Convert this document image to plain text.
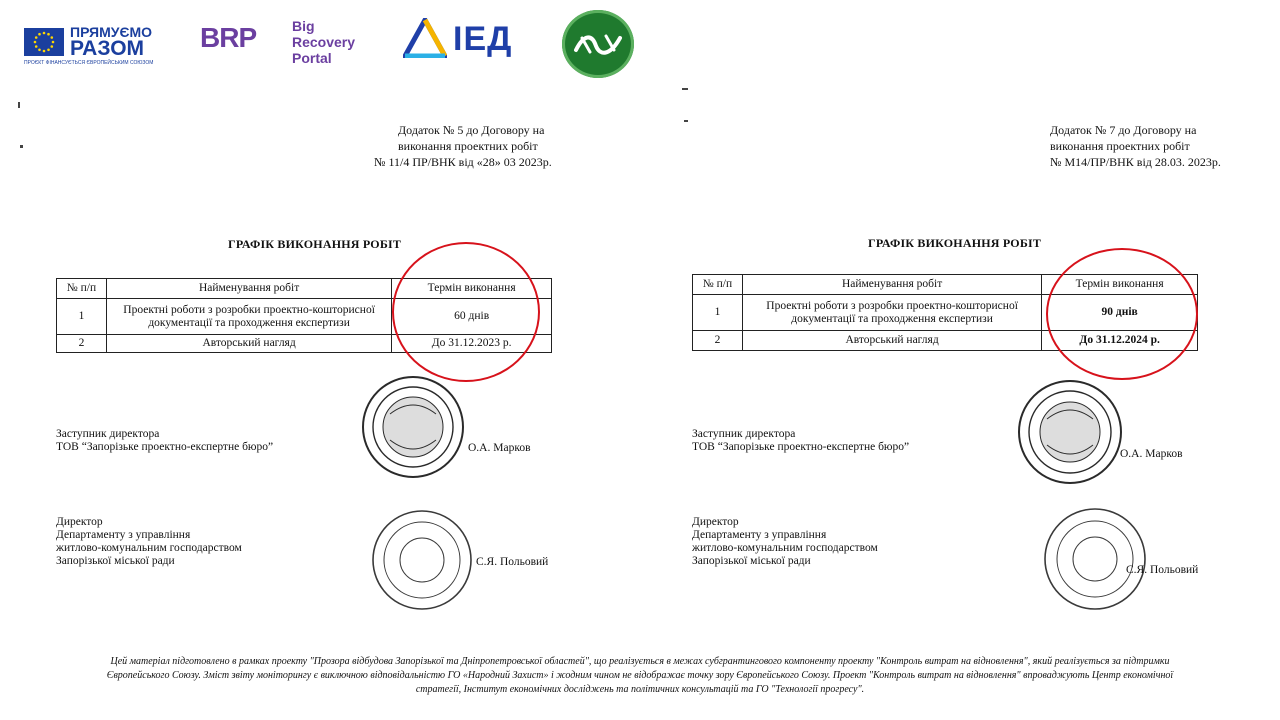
ПРЯМУЄМО
РАЗОМ
ПРОЄКТ ФІНАНСУЄТЬСЯ ЄВРОПЕЙСЬКИМ СОЮЗОМ
BRP	Big
Recovery
Portal	ІЕД
Додаток № 5 до Договору на
виконання проектних робіт
№ 11/4 ПР/ВНК від «28» 03 2023р.
ГРАФІК ВИКОНАННЯ РОБІТ
№ п/п	Найменування робіт	Термін виконання
1	Проектні роботи з розробки проектно-кошторисної документації та проходження експертизи	60 днів
2	Авторський нагляд	До 31.12.2023 р.
Заступник директора
ТОВ “Запорізьке проектно-експертне бюро”	О.А. Марков
Директор
Департаменту з управління
житлово-комунальним господарством
Запорізької міської ради	С.Я. Польовий
Додаток № 7 до Договору на
виконання проектних робіт
№ М14/ПР/ВНК від 28.03. 2023р.
ГРАФІК ВИКОНАННЯ РОБІТ
№ п/п	Найменування робіт	Термін виконання
1	Проектні роботи з розробки проектно-кошторисної документації та проходження експертизи	90 днів
2	Авторський нагляд	До 31.12.2024 р.
Заступник директора
ТОВ “Запорізьке проектно-експертне бюро”
О.А. Марков
Директор
Департаменту з управління
житлово-комунальним господарством
Запорізької міської ради
С.Я. Польовий
Цей матеріал підготовлено в рамках проекту "Прозора відбудова Запорізької та Дніпропетровської областей", що реалізується в межах субгрантингового компоненту проекту "Контроль витрат на відновлення", який реалізується за підтримки
Європейського Союзу. Зміст звіту моніторингу є виключною відповідальністю ГО «Народний Захист» і жодним чином не відображає точку зору Європейського Союзу. Проект "Контроль витрат на відновлення" впроваджують Центр економічної
стратегії, Інститут економічних досліджень та політичних консультацій та ГО "Технології прогресу".
